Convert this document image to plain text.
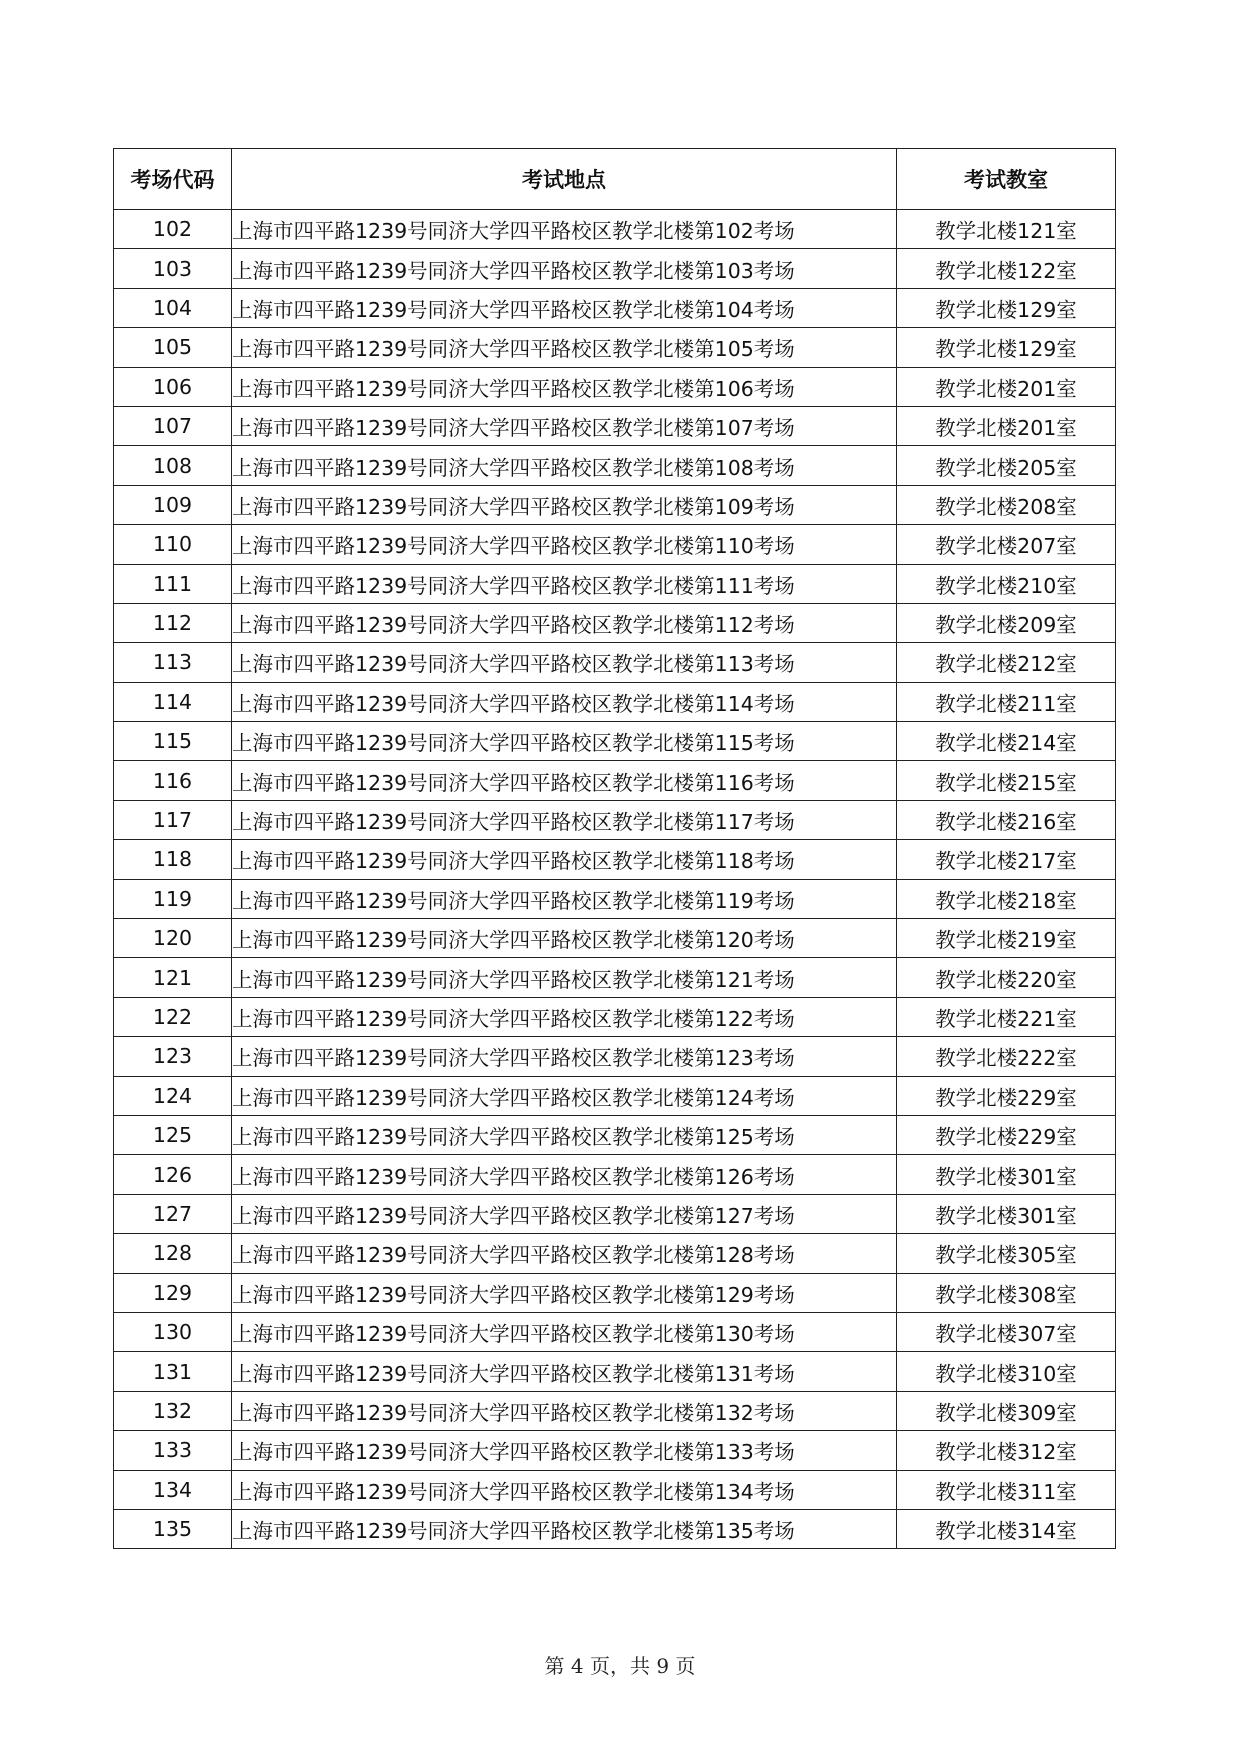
考场代码	考试地点	考试教室
102	上海市四平路1239号同济大学四平路校区教学北楼第102考场	教学北楼121室
103	上海市四平路1239号同济大学四平路校区教学北楼第103考场	教学北楼122室
104	上海市四平路1239号同济大学四平路校区教学北楼第104考场	教学北楼129室
105	上海市四平路1239号同济大学四平路校区教学北楼第105考场	教学北楼129室
106	上海市四平路1239号同济大学四平路校区教学北楼第106考场	教学北楼201室
107	上海市四平路1239号同济大学四平路校区教学北楼第107考场	教学北楼201室
108	上海市四平路1239号同济大学四平路校区教学北楼第108考场	教学北楼205室
109	上海市四平路1239号同济大学四平路校区教学北楼第109考场	教学北楼208室
110	上海市四平路1239号同济大学四平路校区教学北楼第110考场	教学北楼207室
111	上海市四平路1239号同济大学四平路校区教学北楼第111考场	教学北楼210室
112	上海市四平路1239号同济大学四平路校区教学北楼第112考场	教学北楼209室
113	上海市四平路1239号同济大学四平路校区教学北楼第113考场	教学北楼212室
114	上海市四平路1239号同济大学四平路校区教学北楼第114考场	教学北楼211室
115	上海市四平路1239号同济大学四平路校区教学北楼第115考场	教学北楼214室
116	上海市四平路1239号同济大学四平路校区教学北楼第116考场	教学北楼215室
117	上海市四平路1239号同济大学四平路校区教学北楼第117考场	教学北楼216室
118	上海市四平路1239号同济大学四平路校区教学北楼第118考场	教学北楼217室
119	上海市四平路1239号同济大学四平路校区教学北楼第119考场	教学北楼218室
120	上海市四平路1239号同济大学四平路校区教学北楼第120考场	教学北楼219室
121	上海市四平路1239号同济大学四平路校区教学北楼第121考场	教学北楼220室
122	上海市四平路1239号同济大学四平路校区教学北楼第122考场	教学北楼221室
123	上海市四平路1239号同济大学四平路校区教学北楼第123考场	教学北楼222室
124	上海市四平路1239号同济大学四平路校区教学北楼第124考场	教学北楼229室
125	上海市四平路1239号同济大学四平路校区教学北楼第125考场	教学北楼229室
126	上海市四平路1239号同济大学四平路校区教学北楼第126考场	教学北楼301室
127	上海市四平路1239号同济大学四平路校区教学北楼第127考场	教学北楼301室
128	上海市四平路1239号同济大学四平路校区教学北楼第128考场	教学北楼305室
129	上海市四平路1239号同济大学四平路校区教学北楼第129考场	教学北楼308室
130	上海市四平路1239号同济大学四平路校区教学北楼第130考场	教学北楼307室
131	上海市四平路1239号同济大学四平路校区教学北楼第131考场	教学北楼310室
132	上海市四平路1239号同济大学四平路校区教学北楼第132考场	教学北楼309室
133	上海市四平路1239号同济大学四平路校区教学北楼第133考场	教学北楼312室
134	上海市四平路1239号同济大学四平路校区教学北楼第134考场	教学北楼311室
135	上海市四平路1239号同济大学四平路校区教学北楼第135考场	教学北楼314室
第 4 页，共 9 页
